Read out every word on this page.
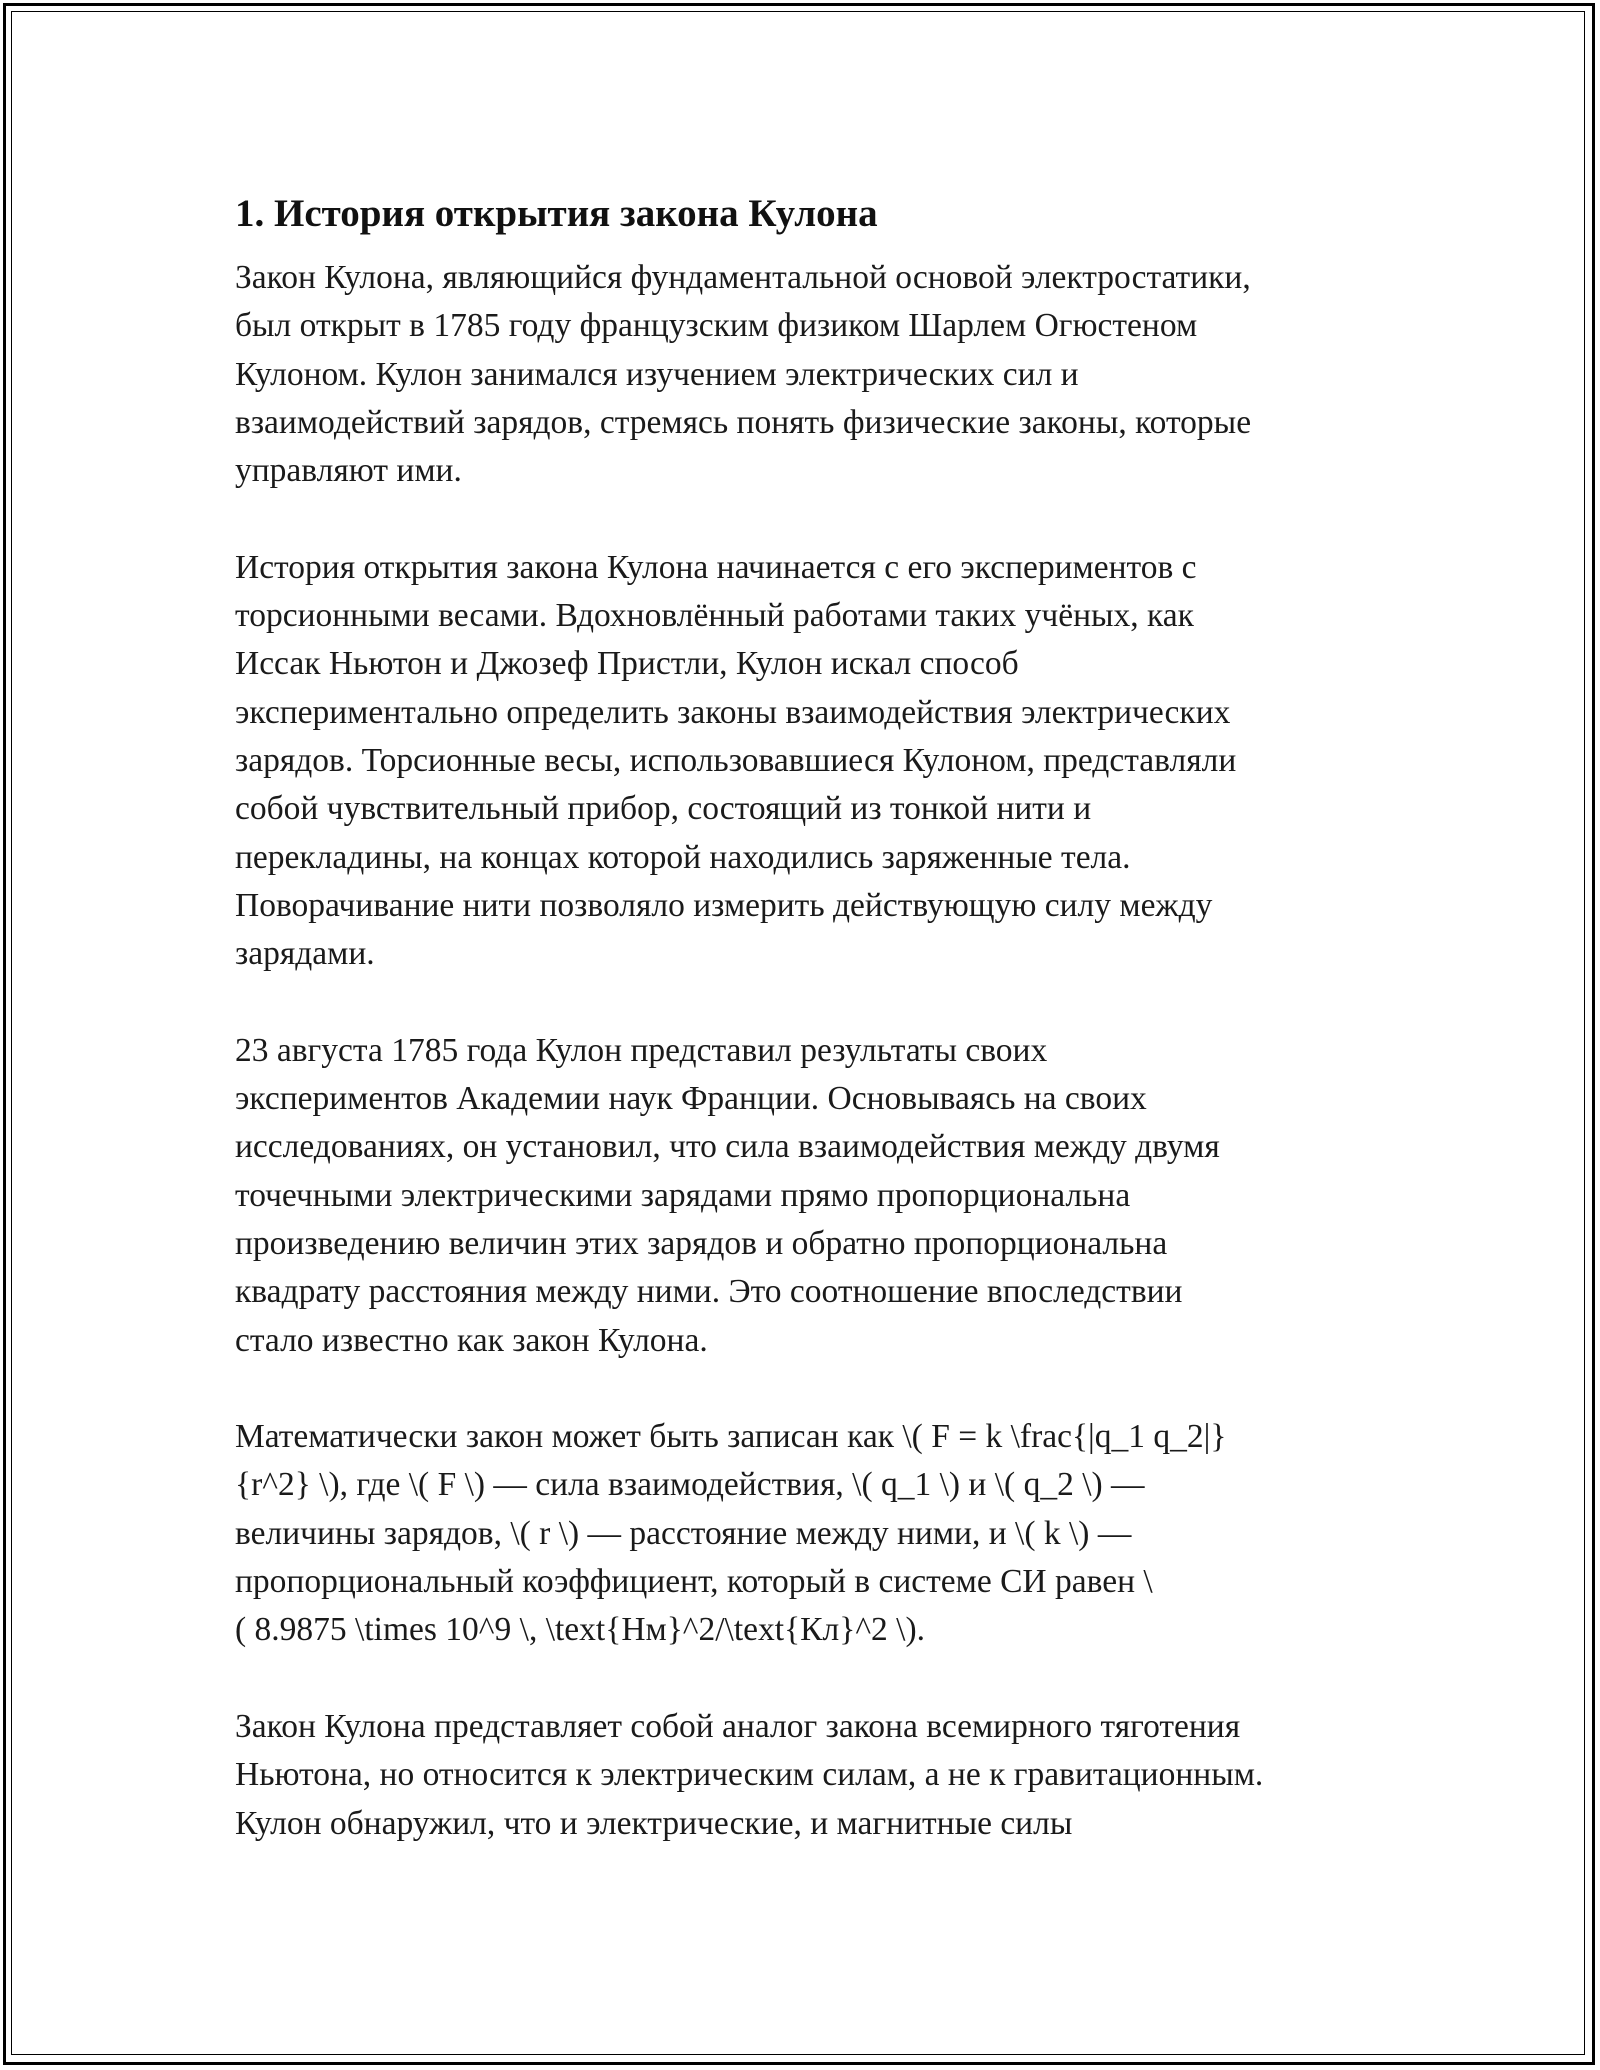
1. История открытия закона Кулона

Закон Кулона, являющийся фундаментальной основой электростатики,
был открыт в 1785 году французским физиком Шарлем Огюстеном
Кулоном. Кулон занимался изучением электрических сил и
взаимодействий зарядов, стремясь понять физические законы, которые
управляют ими.

История открытия закона Кулона начинается с его экспериментов с
торсионными весами. Вдохновлённый работами таких учёных, как
Иссак Ньютон и Джозеф Пристли, Кулон искал способ
экспериментально определить законы взаимодействия электрических
зарядов. Торсионные весы, использовавшиеся Кулоном, представляли
собой чувствительный прибор, состоящий из тонкой нити и
перекладины, на концах которой находились заряженные тела.
Поворачивание нити позволяло измерить действующую силу между
зарядами.

23 августа 1785 года Кулон представил результаты своих
экспериментов Академии наук Франции. Основываясь на своих
исследованиях, он установил, что сила взаимодействия между двумя
точечными электрическими зарядами прямо пропорциональна
произведению величин этих зарядов и обратно пропорциональна
квадрату расстояния между ними. Это соотношение впоследствии
стало известно как закон Кулона.

Математически закон может быть записан как \( F = k \frac{|q_1 q_2|}
{r^2} \), где \( F \) — сила взаимодействия, \( q_1 \) и \( q_2 \) —
величины зарядов, \( r \) — расстояние между ними, и \( k \) —
пропорциональный коэффициент, который в системе СИ равен \
( 8.9875 \times 10^9 \, \text{Нм}^2/\text{Кл}^2 \).

Закон Кулона представляет собой аналог закона всемирного тяготения
Ньютона, но относится к электрическим силам, а не к гравитационным.
Кулон обнаружил, что и электрические, и магнитные силы
